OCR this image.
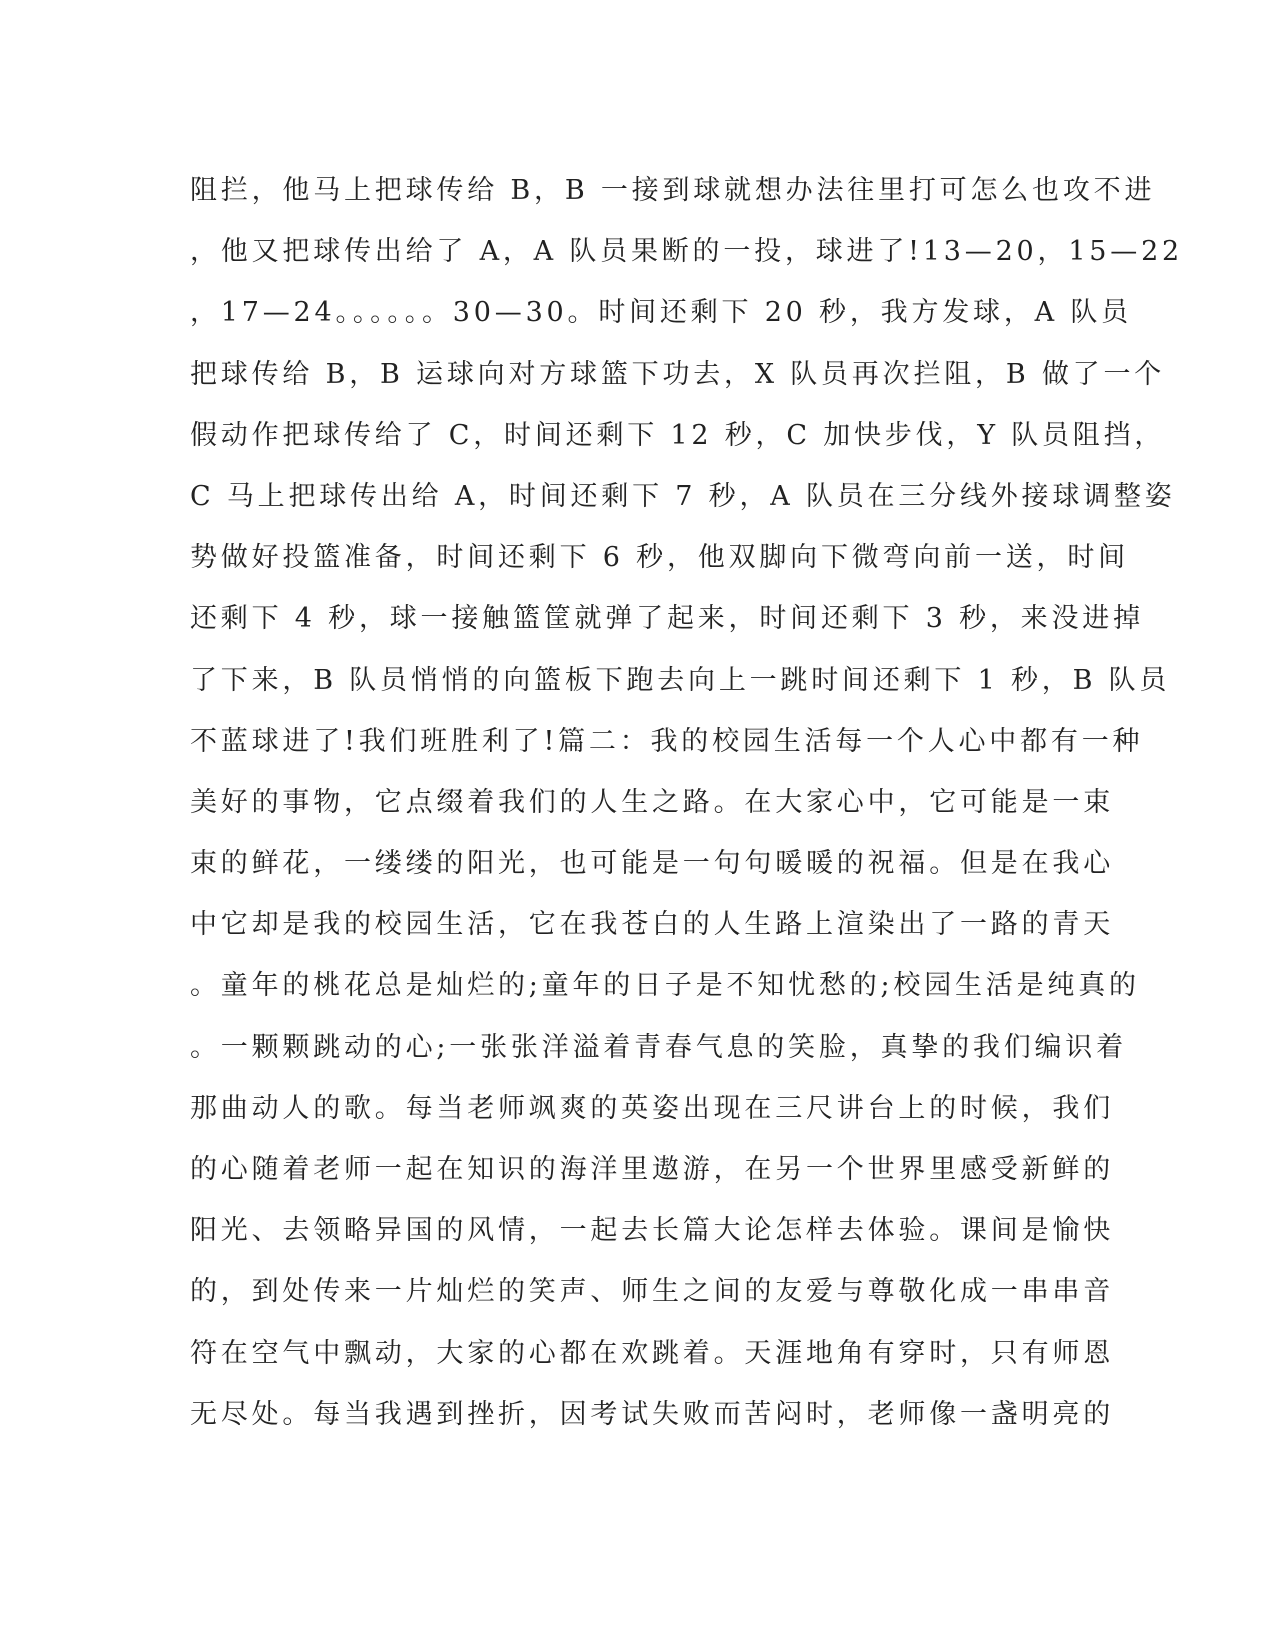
阻拦，他马上把球传给 B，B 一接到球就想办法往里打可怎么也攻不进
，他又把球传出给了 A，A 队员果断的一投，球进了!13—20，15—22
，17—24。。。。。。30—30。时间还剩下 20 秒，我方发球，A 队员
把球传给 B，B 运球向对方球篮下功去，X 队员再次拦阻，B 做了一个
假动作把球传给了 C，时间还剩下 12 秒，C 加快步伐，Y 队员阻挡，
C 马上把球传出给 A，时间还剩下 7 秒，A 队员在三分线外接球调整姿
势做好投篮准备，时间还剩下 6 秒，他双脚向下微弯向前一送，时间
还剩下 4 秒，球一接触篮筐就弹了起来，时间还剩下 3 秒，来没进掉
了下来，B 队员悄悄的向篮板下跑去向上一跳时间还剩下 1 秒，B 队员
不蓝球进了!我们班胜利了!篇二：我的校园生活每一个人心中都有一种
美好的事物，它点缀着我们的人生之路。在大家心中，它可能是一束
束的鲜花，一缕缕的阳光，也可能是一句句暖暖的祝福。但是在我心
中它却是我的校园生活，它在我苍白的人生路上渲染出了一路的青天
。童年的桃花总是灿烂的;童年的日子是不知忧愁的;校园生活是纯真的
。一颗颗跳动的心;一张张洋溢着青春气息的笑脸，真挚的我们编识着
那曲动人的歌。每当老师飒爽的英姿出现在三尺讲台上的时候，我们
的心随着老师一起在知识的海洋里遨游，在另一个世界里感受新鲜的
阳光、去领略异国的风情，一起去长篇大论怎样去体验。课间是愉快
的，到处传来一片灿烂的笑声、师生之间的友爱与尊敬化成一串串音
符在空气中飘动，大家的心都在欢跳着。天涯地角有穿时，只有师恩
无尽处。每当我遇到挫折，因考试失败而苦闷时，老师像一盏明亮的
